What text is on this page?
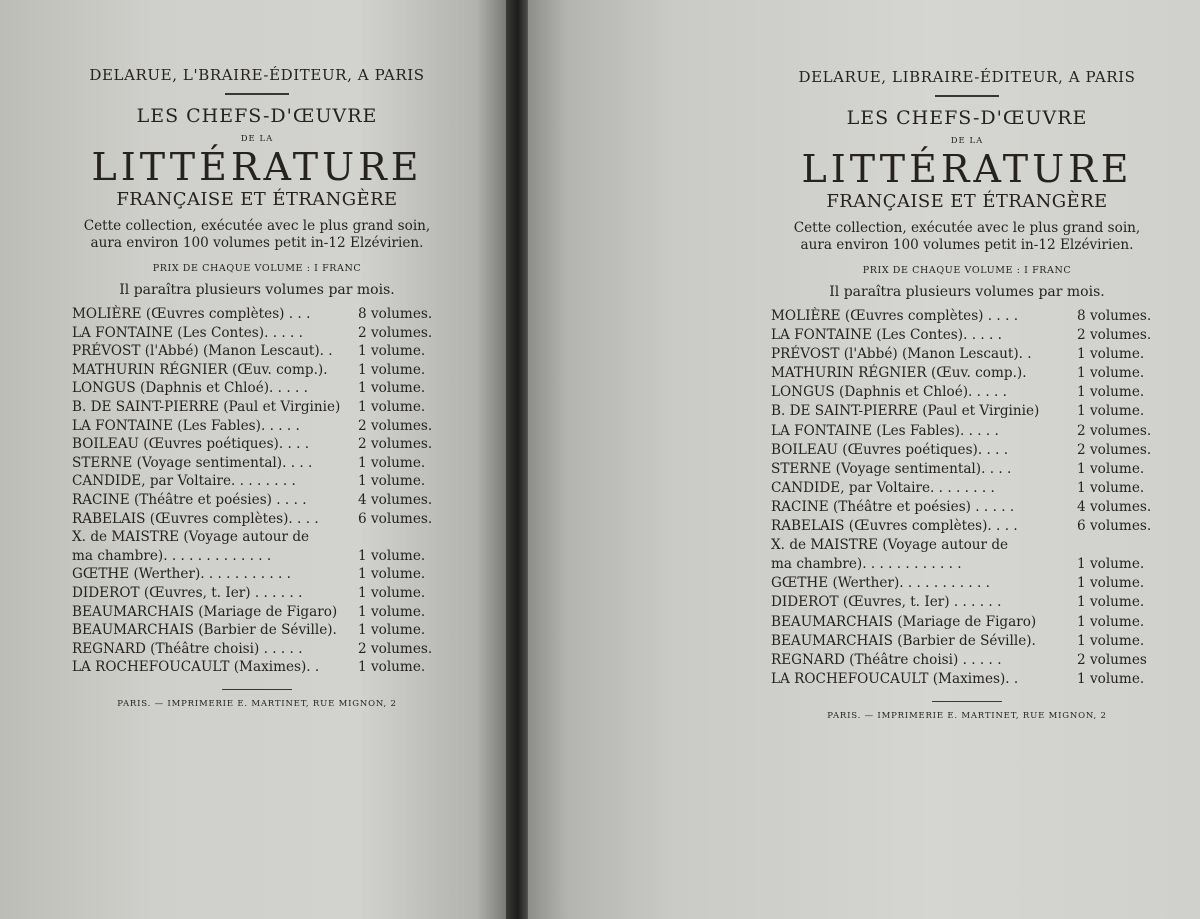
DELARUE, L'BRAIRE-ÉDITEUR, A PARIS

LES CHEFS-D'ŒUVRE

DE LA

LITTÉRATURE

FRANÇAISE ET ÉTRANGÈRE

Cette collection, exécutée avec le plus grand soin,

aura environ 100 volumes petit in-12 Elzévirien.

PRIX DE CHAQUE VOLUME : I FRANC

Il paraîtra plusieurs volumes par mois.

MOLIÈRE (Œuvres complètes) . . .	8 volumes.
LA FONTAINE (Les Contes). . . . .	2 volumes.
PRÉVOST (l'Abbé) (Manon Lescaut). .	1 volume.
MATHURIN RÉGNIER (Œuv. comp.).	1 volume.
LONGUS (Daphnis et Chloé). . . . .	1 volume.
B. DE SAINT-PIERRE (Paul et Virginie)	1 volume.
LA FONTAINE (Les Fables). . . . .	2 volumes.
BOILEAU (Œuvres poétiques). . . .	2 volumes.
STERNE (Voyage sentimental). . . .	1 volume.
CANDIDE, par Voltaire. . . . . . . .	1 volume.
RACINE (Théâtre et poésies) . . . .	4 volumes.
RABELAIS (Œuvres complètes). . . .	6 volumes.
X. de MAISTRE (Voyage autour de
ma chambre). . . . . . . . . . . . .	1 volume.
GŒTHE (Werther). . . . . . . . . . .	1 volume.
DIDEROT (Œuvres, t. Ier) . . . . . .	1 volume.
BEAUMARCHAIS (Mariage de Figaro)	1 volume.
BEAUMARCHAIS (Barbier de Séville).	1 volume.
REGNARD (Théâtre choisi) . . . . .	2 volumes.
LA ROCHEFOUCAULT (Maximes). .	1 volume.

PARIS. — IMPRIMERIE E. MARTINET, RUE MIGNON, 2

DELARUE, LIBRAIRE-ÉDITEUR, A PARIS

LES CHEFS-D'ŒUVRE

DE LA

LITTÉRATURE

FRANÇAISE ET ÉTRANGÈRE

Cette collection, exécutée avec le plus grand soin,

aura environ 100 volumes petit in-12 Elzévirien.

PRIX DE CHAQUE VOLUME : I FRANC

Il paraîtra plusieurs volumes par mois.

MOLIÈRE (Œuvres complètes) . . . .	8 volumes.
LA FONTAINE (Les Contes). . . . .	2 volumes.
PRÉVOST (l'Abbé) (Manon Lescaut). .	1 volume.
MATHURIN RÉGNIER (Œuv. comp.).	1 volume.
LONGUS (Daphnis et Chloé). . . . .	1 volume.
B. DE SAINT-PIERRE (Paul et Virginie)	1 volume.
LA FONTAINE (Les Fables). . . . .	2 volumes.
BOILEAU (Œuvres poétiques). . . .	2 volumes.
STERNE (Voyage sentimental). . . .	1 volume.
CANDIDE, par Voltaire. . . . . . . .	1 volume.
RACINE (Théâtre et poésies) . . . . .	4 volumes.
RABELAIS (Œuvres complètes). . . .	6 volumes.
X. de MAISTRE (Voyage autour de
ma chambre). . . . . . . . . . . .	1 volume.
GŒTHE (Werther). . . . . . . . . . .	1 volume.
DIDEROT (Œuvres, t. Ier) . . . . . .	1 volume.
BEAUMARCHAIS (Mariage de Figaro)	1 volume.
BEAUMARCHAIS (Barbier de Séville).	1 volume.
REGNARD (Théâtre choisi) . . . . .	2 volumes
LA ROCHEFOUCAULT (Maximes). .	1 volume.

PARIS. — IMPRIMERIE E. MARTINET, RUE MIGNON, 2
